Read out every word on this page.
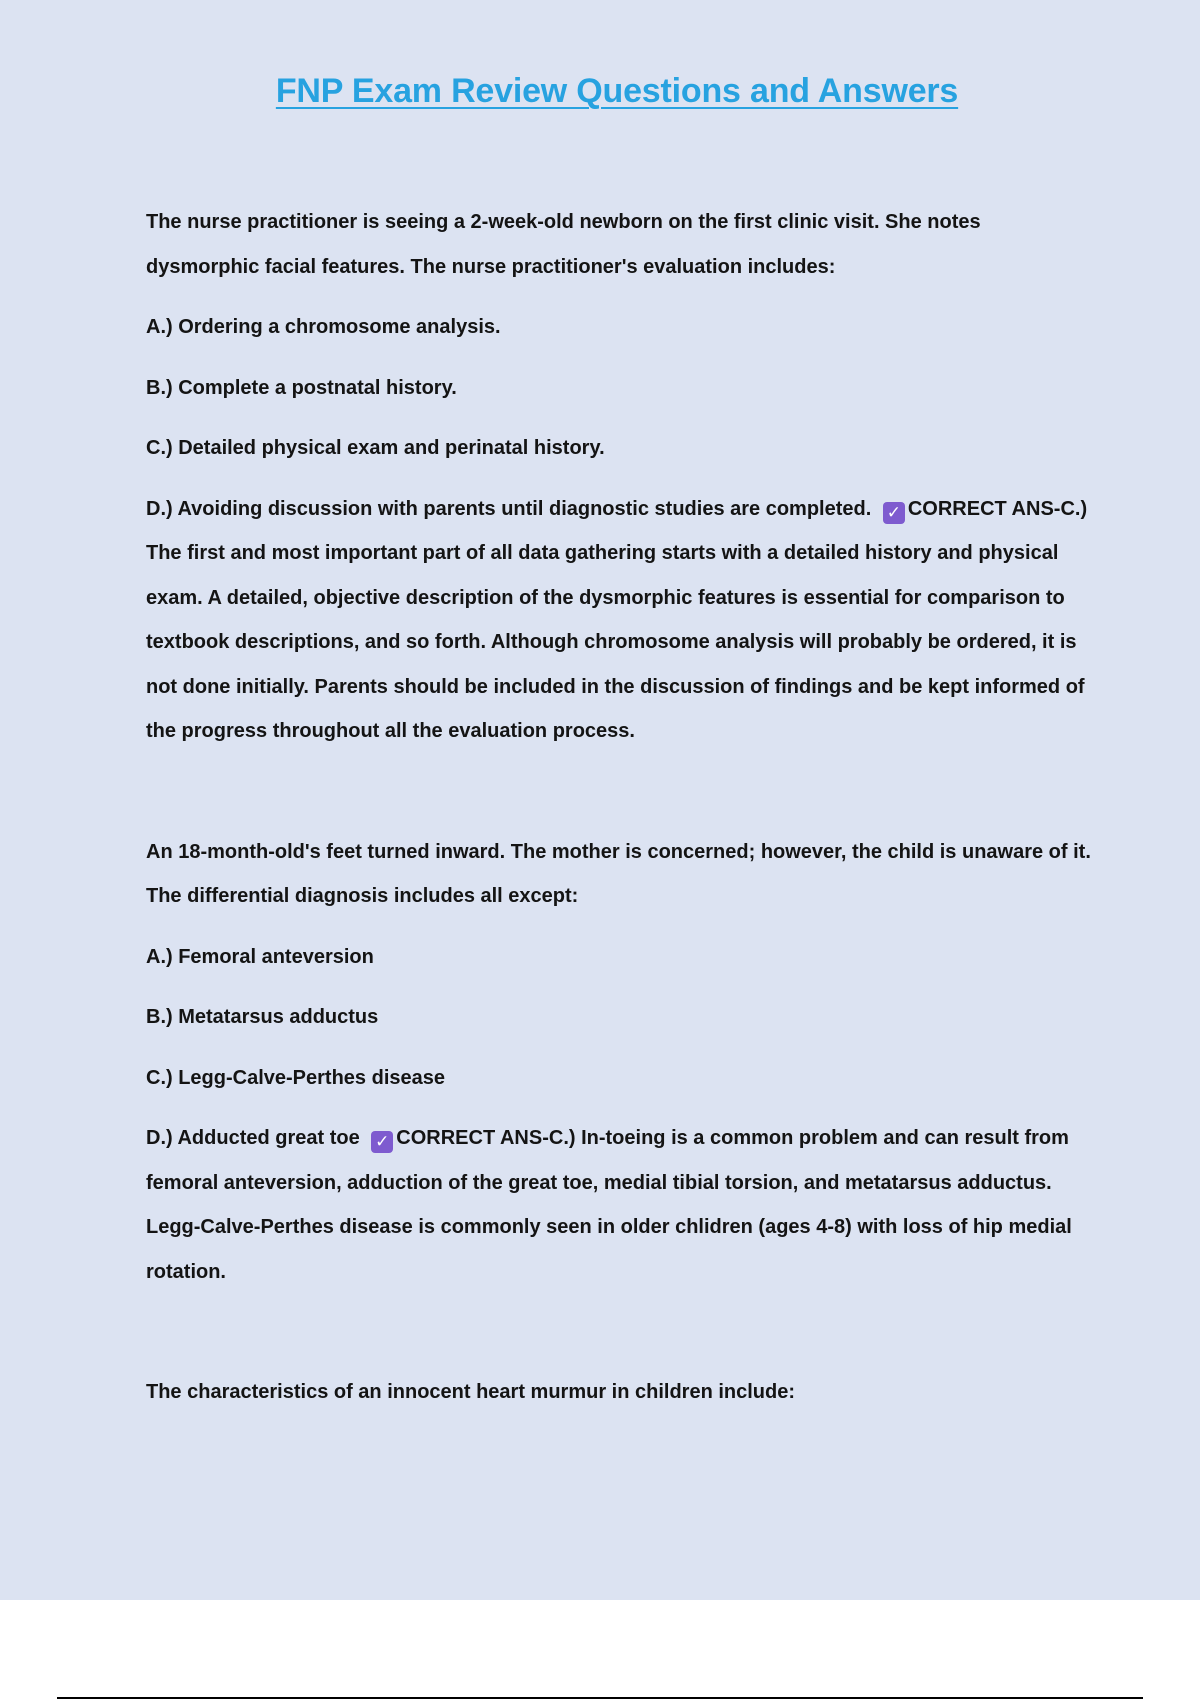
FNP Exam Review Questions and Answers

The nurse practitioner is seeing a 2-week-old newborn on the first clinic visit. She notes dysmorphic facial features. The nurse practitioner's evaluation includes:

A.) Ordering a chromosome analysis.

B.) Complete a postnatal history.

C.) Detailed physical exam and perinatal history.

D.) Avoiding discussion with parents until diagnostic studies are completed. ✓ CORRECT ANS-C.) The first and most important part of all data gathering starts with a detailed history and physical exam. A detailed, objective description of the dysmorphic features is essential for comparison to textbook descriptions, and so forth. Although chromosome analysis will probably be ordered, it is not done initially. Parents should be included in the discussion of findings and be kept informed of the progress throughout all the evaluation process.

An 18-month-old's feet turned inward. The mother is concerned; however, the child is unaware of it. The differential diagnosis includes all except:

A.) Femoral anteversion

B.) Metatarsus adductus

C.) Legg-Calve-Perthes disease

D.) Adducted great toe ✓ CORRECT ANS-C.) In-toeing is a common problem and can result from femoral anteversion, adduction of the great toe, medial tibial torsion, and metatarsus adductus. Legg-Calve-Perthes disease is commonly seen in older chlidren (ages 4-8) with loss of hip medial rotation.

The characteristics of an innocent heart murmur in children include:
